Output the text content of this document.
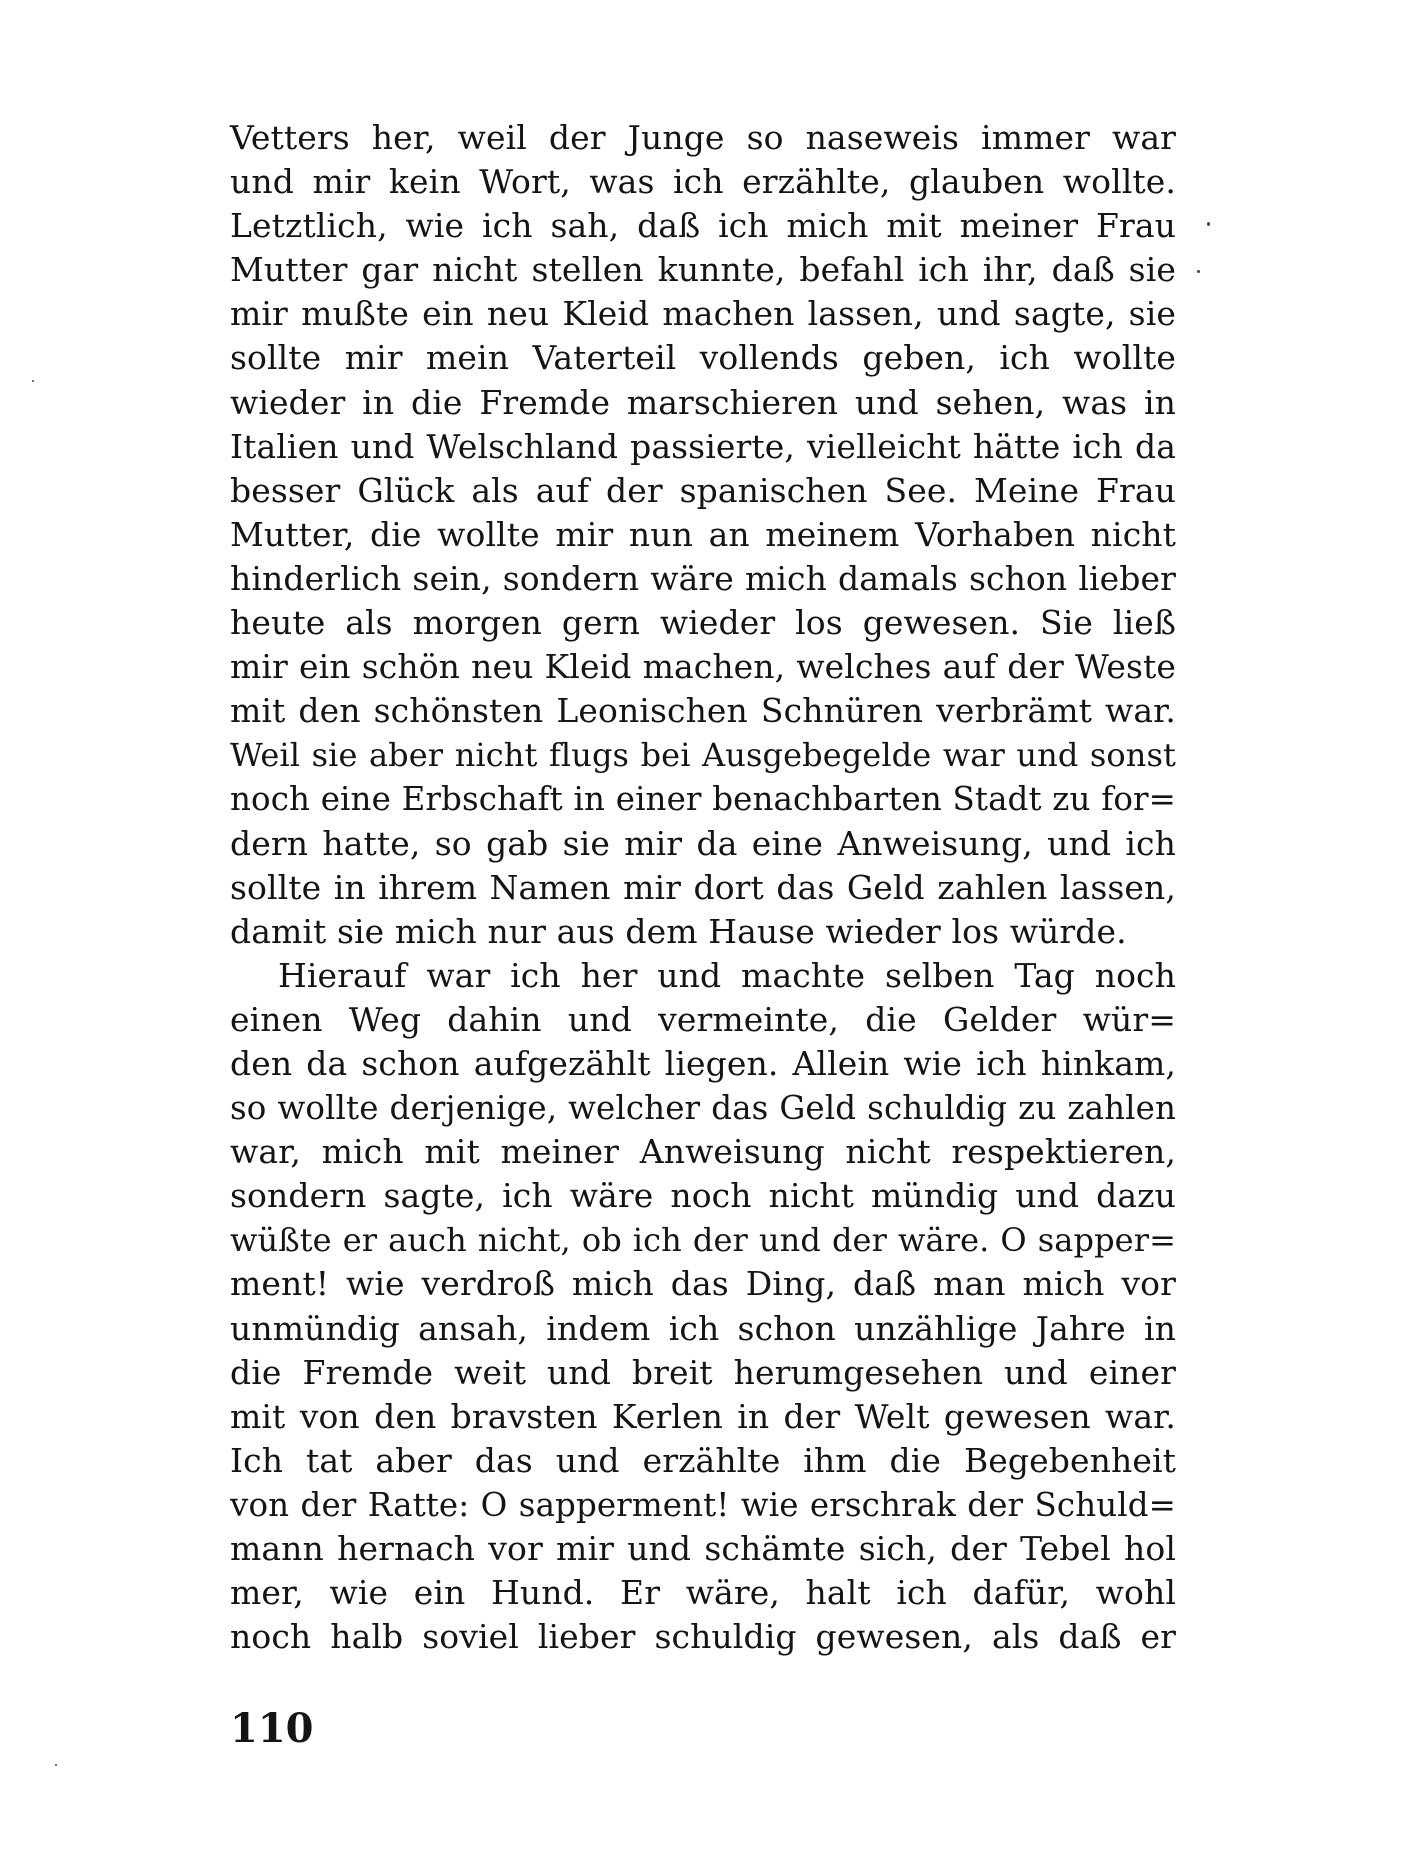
Vetters her, weil der Junge so naseweis immer war
und mir kein Wort, was ich erzählte, glauben wollte.
Letztlich, wie ich sah, daß ich mich mit meiner Frau
Mutter gar nicht stellen kunnte, befahl ich ihr, daß sie
mir mußte ein neu Kleid machen lassen, und sagte, sie
sollte mir mein Vaterteil vollends geben, ich wollte
wieder in die Fremde marschieren und sehen, was in
Italien und Welschland passierte, vielleicht hätte ich da
besser Glück als auf der spanischen See. Meine Frau
Mutter, die wollte mir nun an meinem Vorhaben nicht
hinderlich sein, sondern wäre mich damals schon lieber
heute als morgen gern wieder los gewesen. Sie ließ
mir ein schön neu Kleid machen, welches auf der Weste
mit den schönsten Leonischen Schnüren verbrämt war.
Weil sie aber nicht flugs bei Ausgebegelde war und sonst
noch eine Erbschaft in einer benachbarten Stadt zu for=
dern hatte, so gab sie mir da eine Anweisung, und ich
sollte in ihrem Namen mir dort das Geld zahlen lassen,
damit sie mich nur aus dem Hause wieder los würde.
Hierauf war ich her und machte selben Tag noch
einen Weg dahin und vermeinte, die Gelder wür=
den da schon aufgezählt liegen. Allein wie ich hinkam,
so wollte derjenige, welcher das Geld schuldig zu zahlen
war, mich mit meiner Anweisung nicht respektieren,
sondern sagte, ich wäre noch nicht mündig und dazu
wüßte er auch nicht, ob ich der und der wäre. O sapper=
ment! wie verdroß mich das Ding, daß man mich vor
unmündig ansah, indem ich schon unzählige Jahre in
die Fremde weit und breit herumgesehen und einer
mit von den bravsten Kerlen in der Welt gewesen war.
Ich tat aber das und erzählte ihm die Begebenheit
von der Ratte: O sapperment! wie erschrak der Schuld=
mann hernach vor mir und schämte sich, der Tebel hol
mer, wie ein Hund. Er wäre, halt ich dafür, wohl
noch halb soviel lieber schuldig gewesen, als daß er
110
